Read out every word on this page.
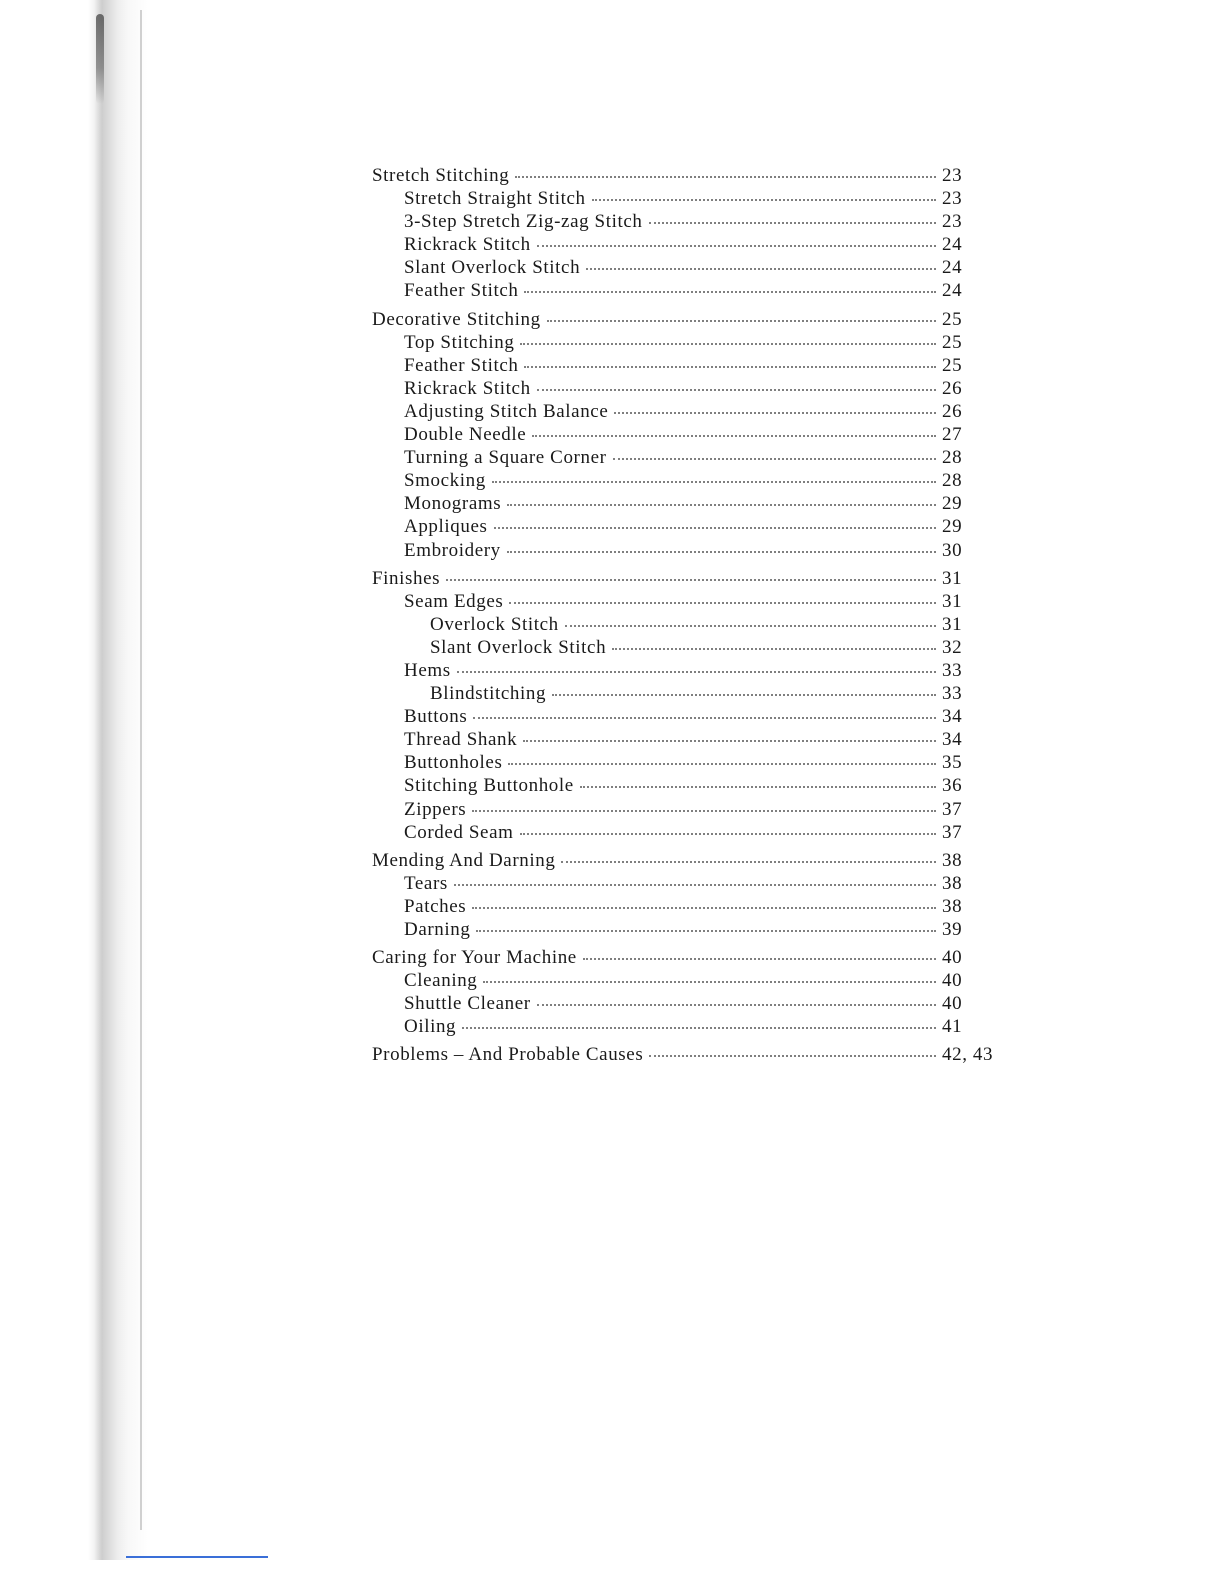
Stretch Stitching	23
Stretch Straight Stitch	23
3-Step Stretch Zig-zag Stitch	23
Rickrack Stitch	24
Slant Overlock Stitch	24
Feather Stitch	24
Decorative Stitching	25
Top Stitching	25
Feather Stitch	25
Rickrack Stitch	26
Adjusting Stitch Balance	26
Double Needle	27
Turning a Square Corner	28
Smocking	28
Monograms	29
Appliques	29
Embroidery	30
Finishes	31
Seam Edges	31
Overlock Stitch	31
Slant Overlock Stitch	32
Hems	33
Blindstitching	33
Buttons	34
Thread Shank	34
Buttonholes	35
Stitching Buttonhole	36
Zippers	37
Corded Seam	37
Mending And Darning	38
Tears	38
Patches	38
Darning	39
Caring for Your Machine	40
Cleaning	40
Shuttle Cleaner	40
Oiling	41
Problems – And Probable Causes	42, 43
